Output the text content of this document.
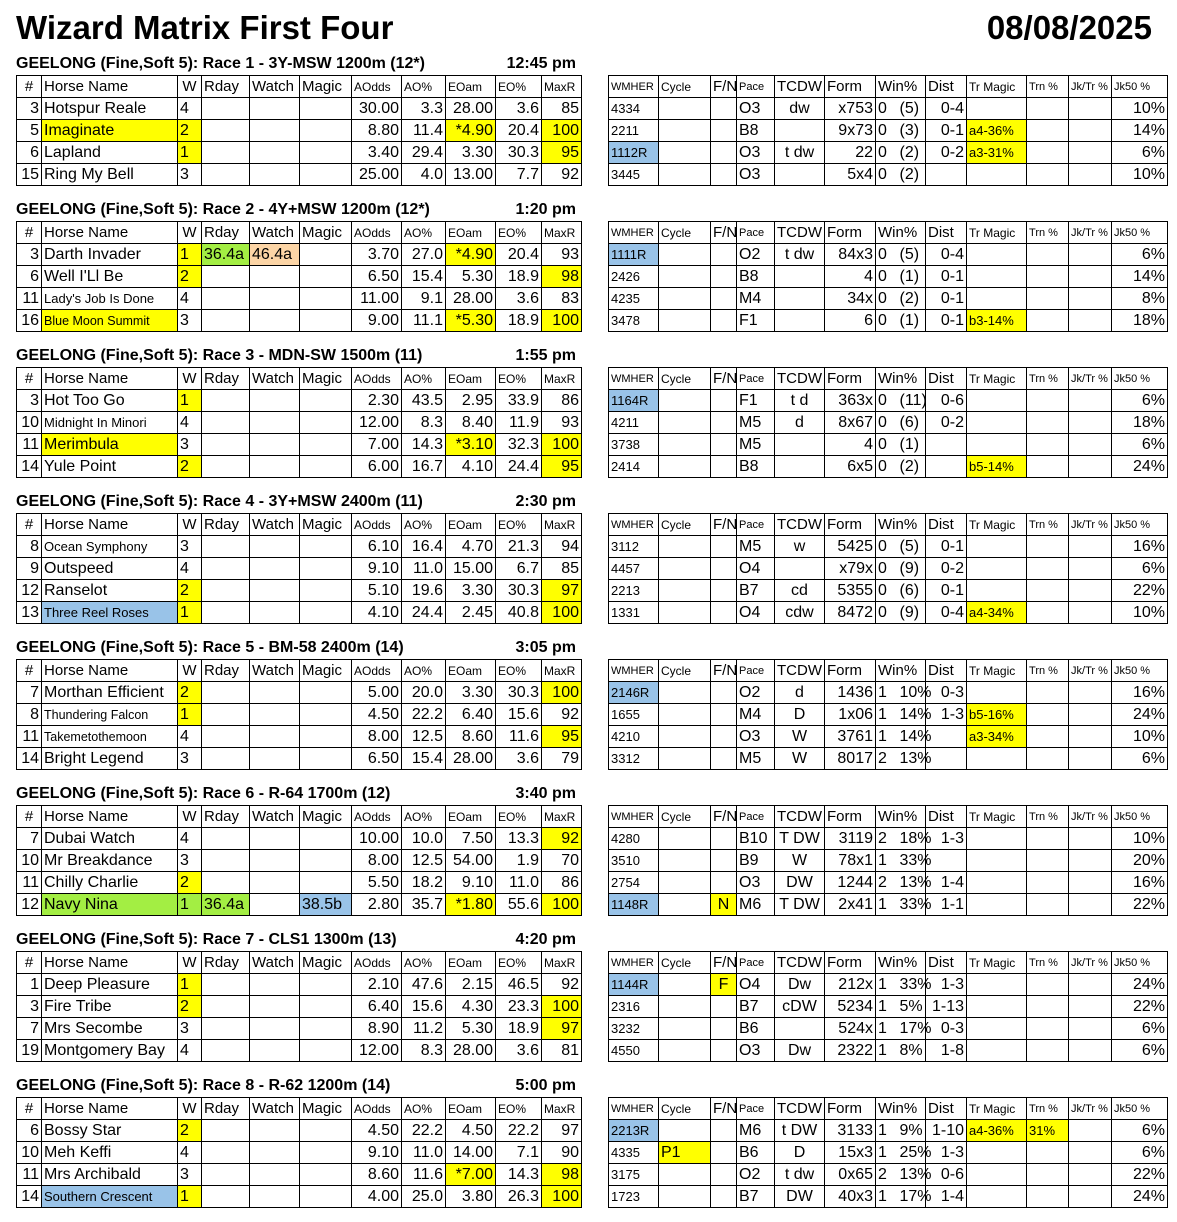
Wizard Matrix First Four	08/08/2025
GEELONG (Fine,Soft 5): Race 1 - 3Y-MSW 1200m (12*)	12:45 pm
#	Horse Name	W	Rday	Watch	Magic	AOdds	AO%	EOam	EO%	MaxR
3	Hotspur Reale	4				30.00	3.3	28.00	3.6	85
5	Imaginate	2				8.80	11.4	*4.90	20.4	100
6	Lapland	1				3.40	29.4	3.30	30.3	95
15	Ring My Bell	3				25.00	4.0	13.00	7.7	92
WMHER	Cycle	F/N	Pace	TCDW	Form	Win%		Dist	Tr Magic	Trn %	Jk/Tr %	Jk50 %
4334			O3	dw	x753	0	(5)	0-4				10%
2211			B8		9x73	0	(3)	0-1	a4-36%			14%
1112R			O3	t dw	22	0	(2)	0-2	a3-31%			6%
3445			O3		5x4	0	(2)					10%
GEELONG (Fine,Soft 5): Race 2 - 4Y+MSW 1200m (12*)	1:20 pm
#	Horse Name	W	Rday	Watch	Magic	AOdds	AO%	EOam	EO%	MaxR
3	Darth Invader	1	36.4a	46.4a		3.70	27.0	*4.90	20.4	93
6	Well I'Ll Be	2				6.50	15.4	5.30	18.9	98
11	Lady's Job Is Done	4				11.00	9.1	28.00	3.6	83
16	Blue Moon Summit	3				9.00	11.1	*5.30	18.9	100
WMHER	Cycle	F/N	Pace	TCDW	Form	Win%		Dist	Tr Magic	Trn %	Jk/Tr %	Jk50 %
1111R			O2	t dw	84x3	0	(5)	0-4				6%
2426			B8		4	0	(1)	0-1				14%
4235			M4		34x	0	(2)	0-1				8%
3478			F1		6	0	(1)	0-1	b3-14%			18%
GEELONG (Fine,Soft 5): Race 3 - MDN-SW 1500m (11)	1:55 pm
#	Horse Name	W	Rday	Watch	Magic	AOdds	AO%	EOam	EO%	MaxR
3	Hot Too Go	1				2.30	43.5	2.95	33.9	86
10	Midnight In Minori	4				12.00	8.3	8.40	11.9	93
11	Merimbula	3				7.00	14.3	*3.10	32.3	100
14	Yule Point	2				6.00	16.7	4.10	24.4	95
WMHER	Cycle	F/N	Pace	TCDW	Form	Win%		Dist	Tr Magic	Trn %	Jk/Tr %	Jk50 %
1164R			F1	t d	363x	0	(11)	0-6				6%
4211			M5	d	8x67	0	(6)	0-2				18%
3738			M5		4	0	(1)					6%
2414			B8		6x5	0	(2)		b5-14%			24%
GEELONG (Fine,Soft 5): Race 4 - 3Y+MSW 2400m (11)	2:30 pm
#	Horse Name	W	Rday	Watch	Magic	AOdds	AO%	EOam	EO%	MaxR
8	Ocean Symphony	3				6.10	16.4	4.70	21.3	94
9	Outspeed	4				9.10	11.0	15.00	6.7	85
12	Ranselot	2				5.10	19.6	3.30	30.3	97
13	Three Reel Roses	1				4.10	24.4	2.45	40.8	100
WMHER	Cycle	F/N	Pace	TCDW	Form	Win%		Dist	Tr Magic	Trn %	Jk/Tr %	Jk50 %
3112			M5	w	5425	0	(5)	0-1				16%
4457			O4		x79x	0	(9)	0-2				6%
2213			B7	cd	5355	0	(6)	0-1				22%
1331			O4	cdw	8472	0	(9)	0-4	a4-34%			10%
GEELONG (Fine,Soft 5): Race 5 - BM-58 2400m (14)	3:05 pm
#	Horse Name	W	Rday	Watch	Magic	AOdds	AO%	EOam	EO%	MaxR
7	Morthan Efficient	2				5.00	20.0	3.30	30.3	100
8	Thundering Falcon	1				4.50	22.2	6.40	15.6	92
11	Takemetothemoon	4				8.00	12.5	8.60	11.6	95
14	Bright Legend	3				6.50	15.4	28.00	3.6	79
WMHER	Cycle	F/N	Pace	TCDW	Form	Win%		Dist	Tr Magic	Trn %	Jk/Tr %	Jk50 %
2146R			O2	d	1436	1	10%	0-3				16%
1655			M4	D	1x06	1	14%	1-3	b5-16%			24%
4210			O3	W	3761	1	14%		a3-34%			10%
3312			M5	W	8017	2	13%					6%
GEELONG (Fine,Soft 5): Race 6 - R-64 1700m (12)	3:40 pm
#	Horse Name	W	Rday	Watch	Magic	AOdds	AO%	EOam	EO%	MaxR
7	Dubai Watch	4				10.00	10.0	7.50	13.3	92
10	Mr Breakdance	3				8.00	12.5	54.00	1.9	70
11	Chilly Charlie	2				5.50	18.2	9.10	11.0	86
12	Navy Nina	1	36.4a		38.5b	2.80	35.7	*1.80	55.6	100
WMHER	Cycle	F/N	Pace	TCDW	Form	Win%		Dist	Tr Magic	Trn %	Jk/Tr %	Jk50 %
4280			B10	T DW	3119	2	18%	1-3				10%
3510			B9	W	78x1	1	33%					20%
2754			O3	DW	1244	2	13%	1-4				16%
1148R		N	M6	T DW	2x41	1	33%	1-1				22%
GEELONG (Fine,Soft 5): Race 7 - CLS1 1300m (13)	4:20 pm
#	Horse Name	W	Rday	Watch	Magic	AOdds	AO%	EOam	EO%	MaxR
1	Deep Pleasure	1				2.10	47.6	2.15	46.5	92
3	Fire Tribe	2				6.40	15.6	4.30	23.3	100
7	Mrs Secombe	3				8.90	11.2	5.30	18.9	97
19	Montgomery Bay	4				12.00	8.3	28.00	3.6	81
WMHER	Cycle	F/N	Pace	TCDW	Form	Win%		Dist	Tr Magic	Trn %	Jk/Tr %	Jk50 %
1144R		F	O4	Dw	212x	1	33%	1-3				24%
2316			B7	cDW	5234	1	5%	1-13				22%
3232			B6		524x	1	17%	0-3				6%
4550			O3	Dw	2322	1	8%	1-8				6%
GEELONG (Fine,Soft 5): Race 8 - R-62 1200m (14)	5:00 pm
#	Horse Name	W	Rday	Watch	Magic	AOdds	AO%	EOam	EO%	MaxR
6	Bossy Star	2				4.50	22.2	4.50	22.2	97
10	Meh Keffi	4				9.10	11.0	14.00	7.1	90
11	Mrs Archibald	3				8.60	11.6	*7.00	14.3	98
14	Southern Crescent	1				4.00	25.0	3.80	26.3	100
WMHER	Cycle	F/N	Pace	TCDW	Form	Win%		Dist	Tr Magic	Trn %	Jk/Tr %	Jk50 %
2213R			M6	t DW	3133	1	9%	1-10	a4-36%	31%		6%
4335	P1		B6	D	15x3	1	25%	1-3				6%
3175			O2	t dw	0x65	2	13%	0-6				22%
1723			B7	DW	40x3	1	17%	1-4				24%
